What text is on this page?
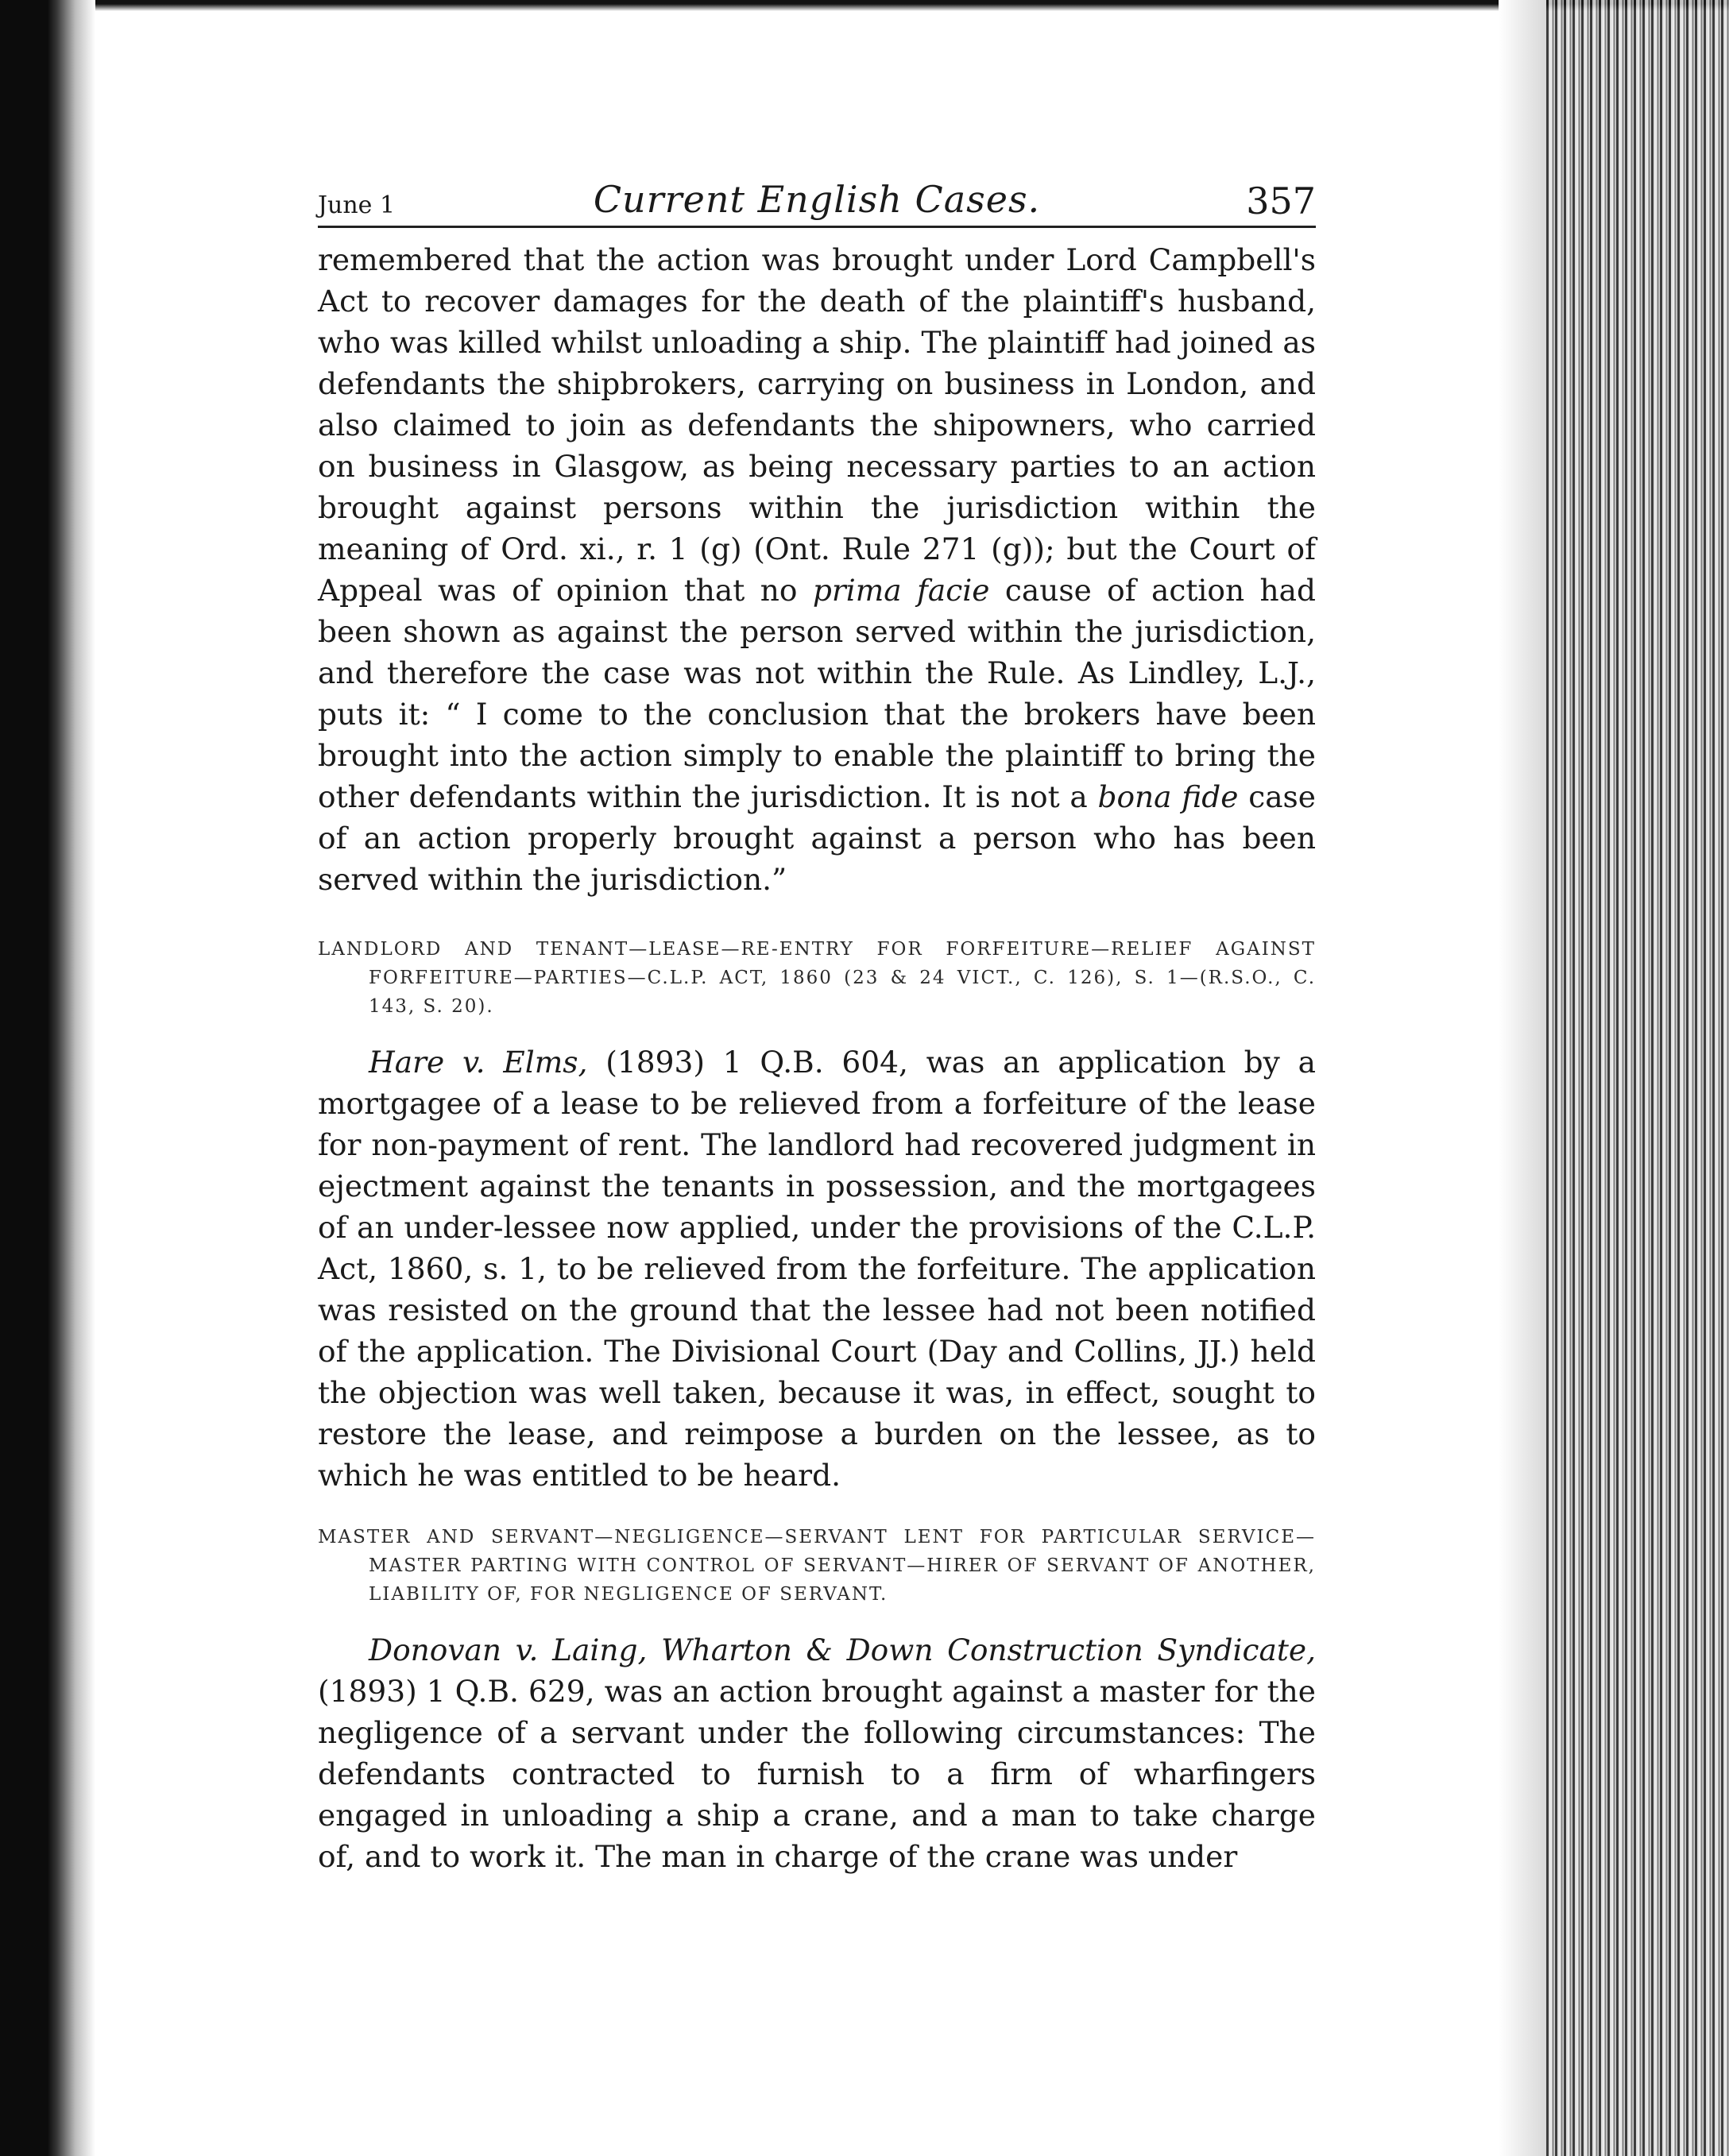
June 1	Current English Cases.	357

remembered that the action was brought under Lord Campbell's Act to recover damages for the death of the plaintiff's husband, who was killed whilst unloading a ship. The plaintiff had joined as defendants the shipbrokers, carrying on business in London, and also claimed to join as defendants the shipowners, who carried on business in Glasgow, as being necessary parties to an action brought against persons within the jurisdiction within the meaning of Ord. xi., r. 1 (g) (Ont. Rule 271 (g)); but the Court of Appeal was of opinion that no prima facie cause of action had been shown as against the person served within the jurisdiction, and therefore the case was not within the Rule. As Lindley, L.J., puts it: “ I come to the conclusion that the brokers have been brought into the action simply to enable the plaintiff to bring the other defendants within the jurisdiction. It is not a bona fide case of an action properly brought against a person who has been served within the jurisdiction.”

LANDLORD AND TENANT—LEASE—RE-ENTRY FOR FORFEITURE—RELIEF AGAINST FORFEITURE—PARTIES—C.L.P. ACT, 1860 (23 & 24 VICT., C. 126), S. 1—(R.S.O., C. 143, S. 20).

Hare v. Elms, (1893) 1 Q.B. 604, was an application by a mortgagee of a lease to be relieved from a forfeiture of the lease for non-payment of rent. The landlord had recovered judgment in ejectment against the tenants in possession, and the mortgagees of an under-lessee now applied, under the provisions of the C.L.P. Act, 1860, s. 1, to be relieved from the forfeiture. The application was resisted on the ground that the lessee had not been notified of the application. The Divisional Court (Day and Collins, JJ.) held the objection was well taken, because it was, in effect, sought to restore the lease, and reimpose a burden on the lessee, as to which he was entitled to be heard.

MASTER AND SERVANT—NEGLIGENCE—SERVANT LENT FOR PARTICULAR SERVICE—MASTER PARTING WITH CONTROL OF SERVANT—HIRER OF SERVANT OF ANOTHER, LIABILITY OF, FOR NEGLIGENCE OF SERVANT.

Donovan v. Laing, Wharton & Down Construction Syndicate, (1893) 1 Q.B. 629, was an action brought against a master for the negligence of a servant under the following circumstances: The defendants contracted to furnish to a firm of wharfingers engaged in unloading a ship a crane, and a man to take charge of, and to work it. The man in charge of the crane was under
